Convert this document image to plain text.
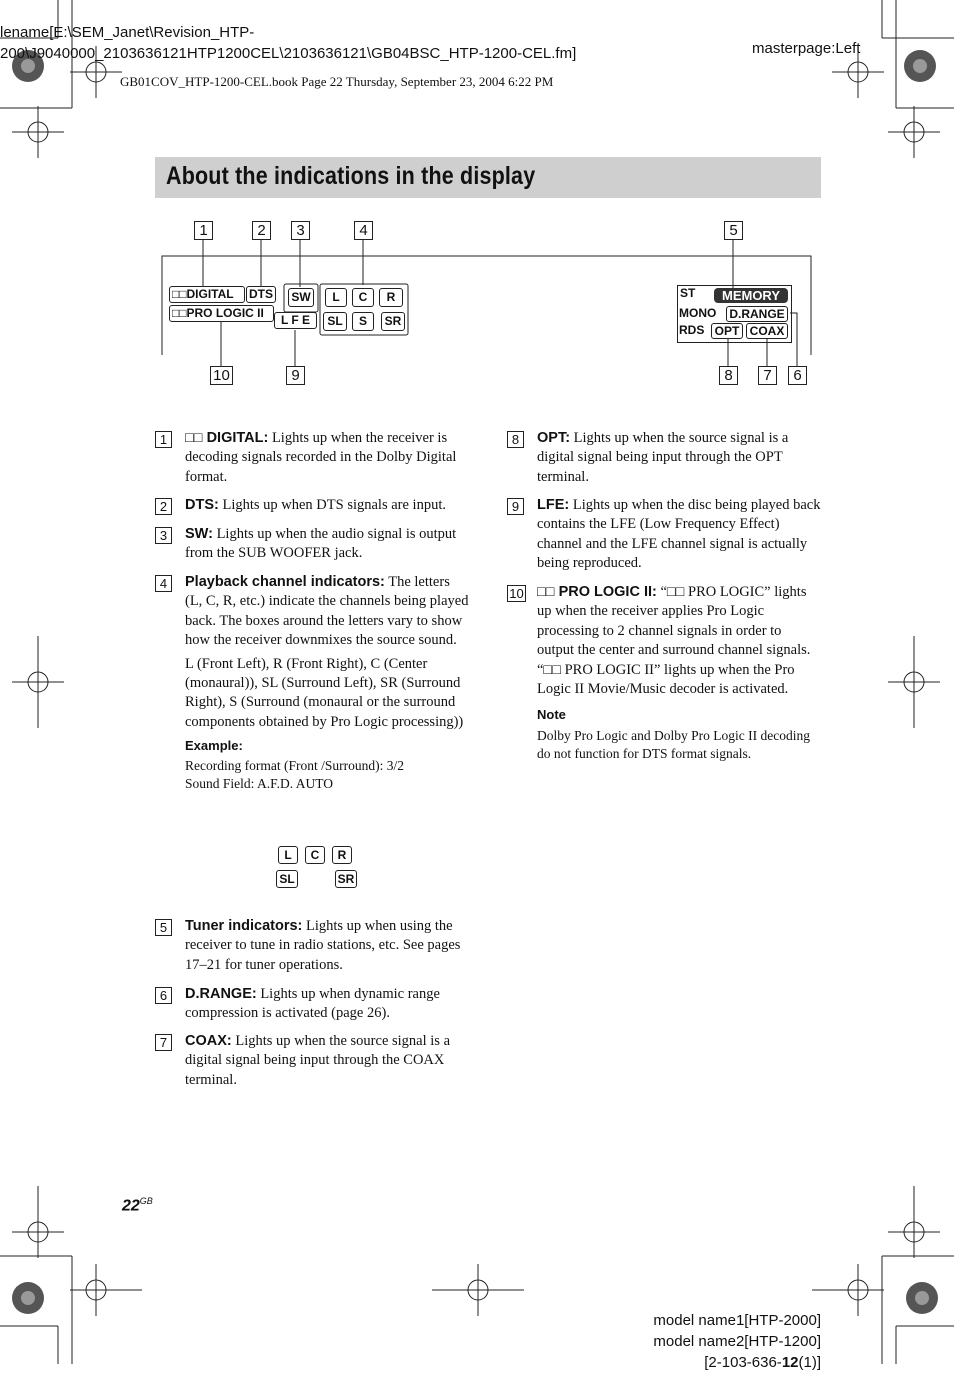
lename[E:\SEM_Janet\Revision_HTP-
200\J9040000_2103636121HTP1200CEL\2103636121\GB04BSC_HTP-1200-CEL.fm]	masterpage:Left
GB01COV_HTP-1200-CEL.book Page 22 Thursday, September 23, 2004 6:22 PM
About the indications in the display
1	2	3	4	5
10	9	8	7	6
□□DIGITAL	DTS
□□PRO LOGIC II
SW
L F E
L	C	R
SL	S	SR
ST	MEMORY
MONO D.RANGE
RDS OPT COAX
1	□□ DIGITAL: Lights up when the receiver is decoding signals recorded in the Dolby Digital format.
2	DTS: Lights up when DTS signals are input.
3	SW: Lights up when the audio signal is output from the SUB WOOFER jack.
4	Playback channel indicators: The letters (L, C, R, etc.) indicate the channels being played back. The boxes around the letters vary to show how the receiver downmixes the source sound.
L (Front Left), R (Front Right), C (Center (monaural)), SL (Surround Left), SR (Surround Right), S (Surround (monaural or the surround components obtained by Pro Logic processing))
Example:
Recording format (Front /Surround): 3/2
Sound Field: A.F.D. AUTO
L	C	R
SL	SR
5	Tuner indicators: Lights up when using the receiver to tune in radio stations, etc. See pages 17–21 for tuner operations.
6	D.RANGE: Lights up when dynamic range compression is activated (page 26).
7	COAX: Lights up when the source signal is a digital signal being input through the COAX terminal.
8	OPT: Lights up when the source signal is a digital signal being input through the OPT terminal.
9	LFE: Lights up when the disc being played back contains the LFE (Low Frequency Effect) channel and the LFE channel signal is actually being reproduced.
10 □□ PRO LOGIC II: “□□ PRO LOGIC” lights up when the receiver applies Pro Logic processing to 2 channel signals in order to output the center and surround channel signals. “□□ PRO LOGIC II” lights up when the Pro Logic II Movie/Music decoder is activated.
Note
Dolby Pro Logic and Dolby Pro Logic II decoding do not function for DTS format signals.
$22^{GB}$
model name1[HTP-2000]
model name2[HTP-1200]
[2-103-636-12(1)]
